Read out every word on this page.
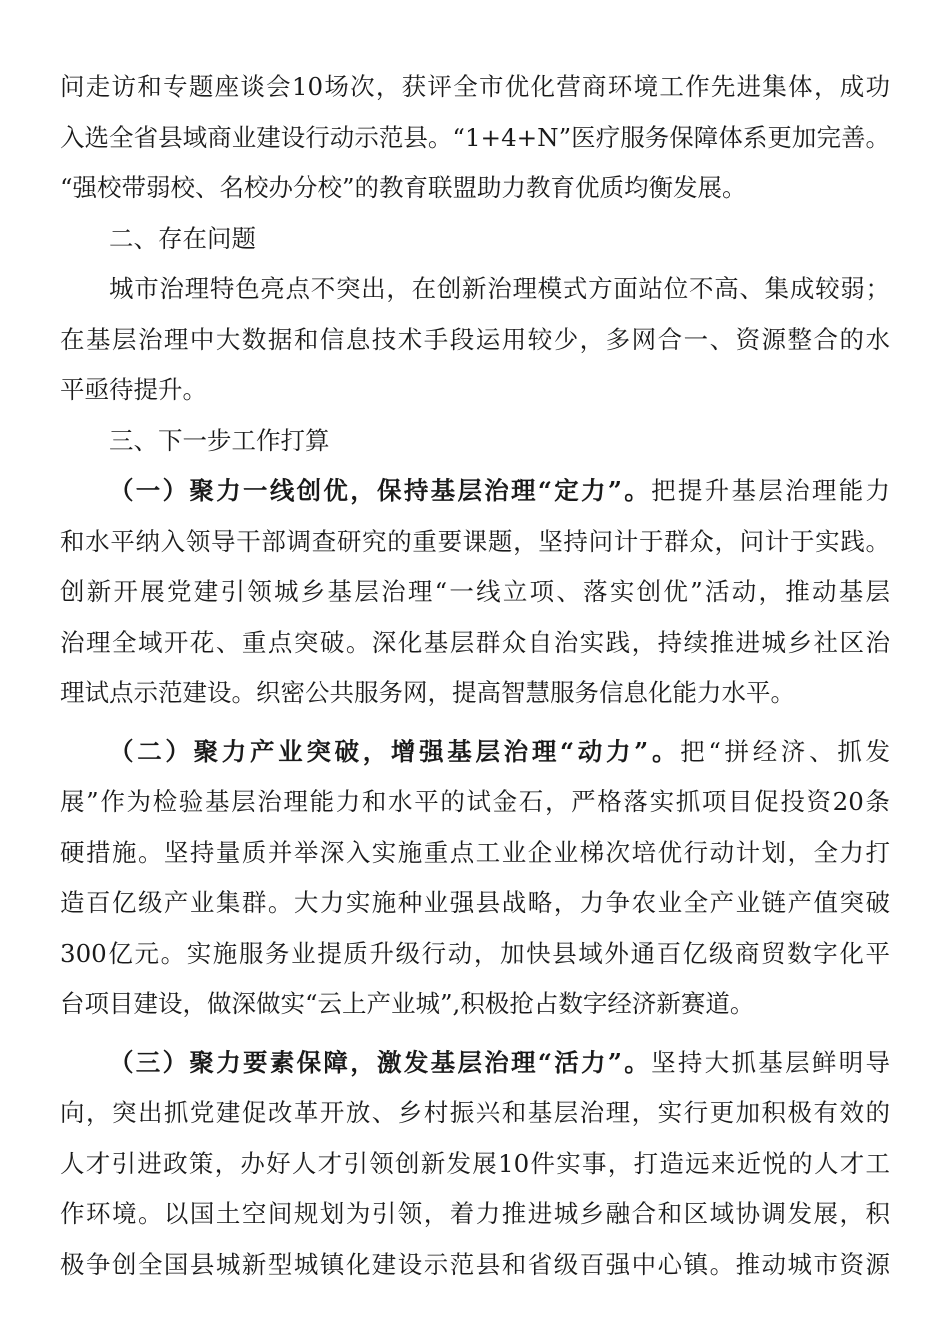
问走访和专题座谈会10场次，获评全市优化营商环境工作先进集体，成功
入选全省县域商业建设行动示范县。“1+4+N”医疗服务保障体系更加完善。
“强校带弱校、名校办分校”的教育联盟助力教育优质均衡发展。
二、存在问题
城市治理特色亮点不突出，在创新治理模式方面站位不高、集成较弱；
在基层治理中大数据和信息技术手段运用较少，多网合一、资源整合的水
平亟待提升。
三、下一步工作打算
（一）聚力一线创优，保持基层治理“定力”。把提升基层治理能力
和水平纳入领导干部调查研究的重要课题，坚持问计于群众，问计于实践。
创新开展党建引领城乡基层治理“一线立项、落实创优”活动，推动基层
治理全域开花、重点突破。深化基层群众自治实践，持续推进城乡社区治
理试点示范建设。织密公共服务网，提高智慧服务信息化能力水平。
（二）聚力产业突破，增强基层治理“动力”。把“拼经济、抓发
展”作为检验基层治理能力和水平的试金石，严格落实抓项目促投资20条
硬措施。坚持量质并举深入实施重点工业企业梯次培优行动计划，全力打
造百亿级产业集群。大力实施种业强县战略，力争农业全产业链产值突破
300亿元。实施服务业提质升级行动，加快县域外通百亿级商贸数字化平
台项目建设，做深做实“云上产业城”,积极抢占数字经济新赛道。
（三）聚力要素保障，激发基层治理“活力”。坚持大抓基层鲜明导
向，突出抓党建促改革开放、乡村振兴和基层治理，实行更加积极有效的
人才引进政策，办好人才引领创新发展10件实事，打造远来近悦的人才工
作环境。以国土空间规划为引领，着力推进城乡融合和区域协调发展，积
极争创全国县城新型城镇化建设示范县和省级百强中心镇。推动城市资源
